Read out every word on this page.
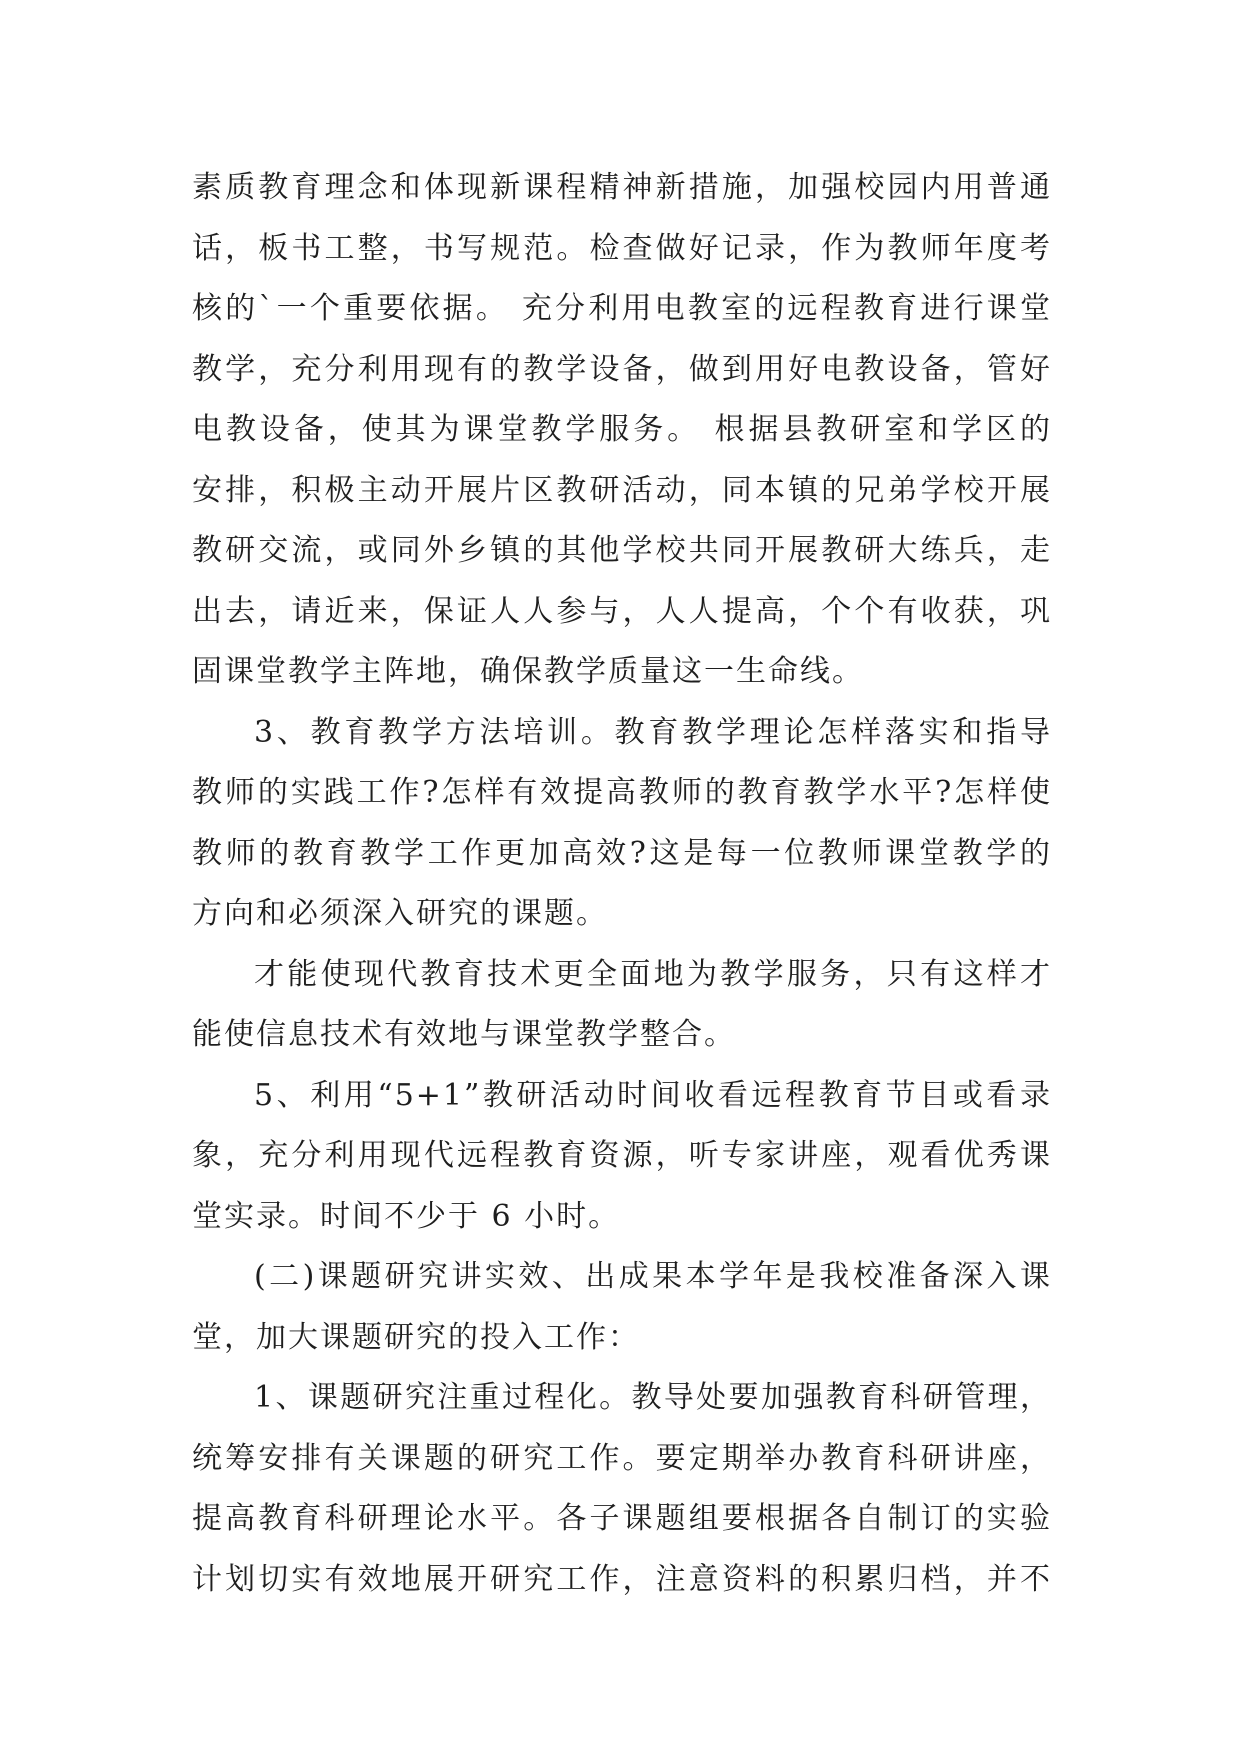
素质教育理念和体现新课程精神新措施，加强校园内用普通
话，板书工整，书写规范。检查做好记录，作为教师年度考
核的`一个重要依据。 充分利用电教室的远程教育进行课堂
教学，充分利用现有的教学设备，做到用好电教设备，管好
电教设备，使其为课堂教学服务。 根据县教研室和学区的
安排，积极主动开展片区教研活动，同本镇的兄弟学校开展
教研交流，或同外乡镇的其他学校共同开展教研大练兵，走
出去，请近来，保证人人参与，人人提高，个个有收获，巩
固课堂教学主阵地，确保教学质量这一生命线。
3、教育教学方法培训。教育教学理论怎样落实和指导
教师的实践工作?怎样有效提高教师的教育教学水平?怎样使
教师的教育教学工作更加高效?这是每一位教师课堂教学的
方向和必须深入研究的课题。
才能使现代教育技术更全面地为教学服务，只有这样才
能使信息技术有效地与课堂教学整合。
5、利用“5+1”教研活动时间收看远程教育节目或看录
象，充分利用现代远程教育资源，听专家讲座，观看优秀课
堂实录。时间不少于 6 小时。
(二)课题研究讲实效、出成果本学年是我校准备深入课
堂，加大课题研究的投入工作：
1、课题研究注重过程化。教导处要加强教育科研管理，
统筹安排有关课题的研究工作。要定期举办教育科研讲座，
提高教育科研理论水平。各子课题组要根据各自制订的实验
计划切实有效地展开研究工作，注意资料的积累归档，并不
